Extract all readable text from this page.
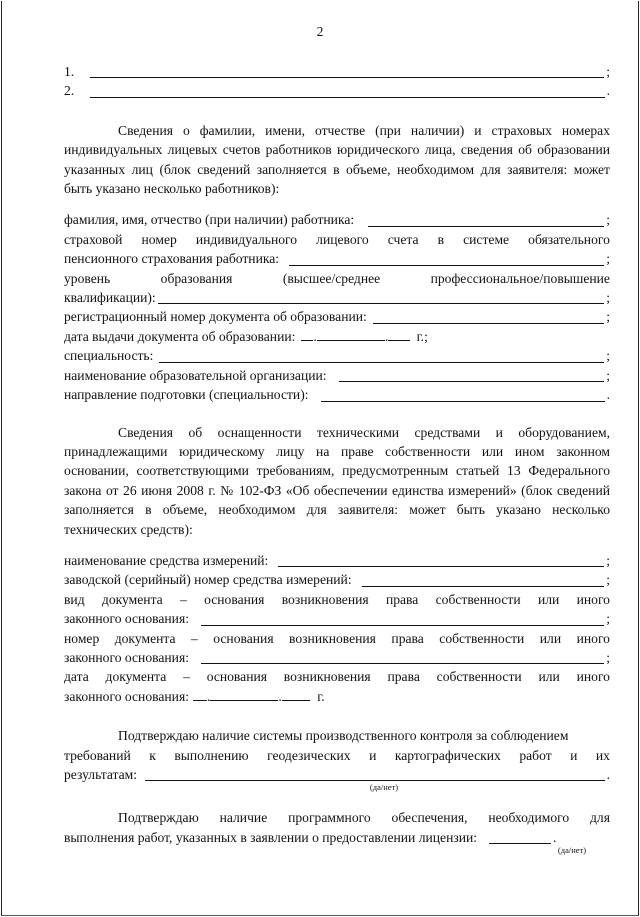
2
1.	;
2.	.

Сведения о фамилии, имени, отчестве (при наличии) и страховых номерах индивидуальных лицевых счетов работников юридического лица, сведения об образовании указанных лиц (блок сведений заполняется в объеме, необходимом для заявителя: может быть указано несколько работников):

фамилия, имя, отчество (при наличии) работника:	;
страховой номер индивидуального лицевого счета в системе обязательного
пенсионного страхования работника:	;
уровень	образования	(высшее/среднее	профессиональное/повышение
квалификации):	;
регистрационный номер документа об образовании:	;
дата выдачи документа об образовании:	.	. г.;
специальность:	;
наименование образовательной организации:	;
направление подготовки (специальности):	.

Сведения об оснащенности техническими средствами и оборудованием, принадлежащими юридическому лицу на праве собственности или ином законном основании, соответствующими требованиям, предусмотренным статьей 13 Федерального закона от 26 июня 2008 г. № 102-ФЗ «Об обеспечении единства измерений» (блок сведений заполняется в объеме, необходимом для заявителя: может быть указано несколько технических средств):

наименование средства измерений:	;
заводской (серийный) номер средства измерений:	;
вид документа – основания возникновения права собственности или иного
законного основания:	;
номер документа – основания возникновения права собственности или иного
законного основания:	;
дата документа – основания возникновения права собственности или иного
законного основания:	.	.	г.
Подтверждаю наличие системы производственного контроля за соблюдением
требований к выполнению геодезических и картографических работ и их
результатам:	.
(да/нет)
Подтверждаю наличие программного обеспечения, необходимого для
выполнения работ, указанных в заявлении о предоставлении лицензии:	.
(да/нет)
